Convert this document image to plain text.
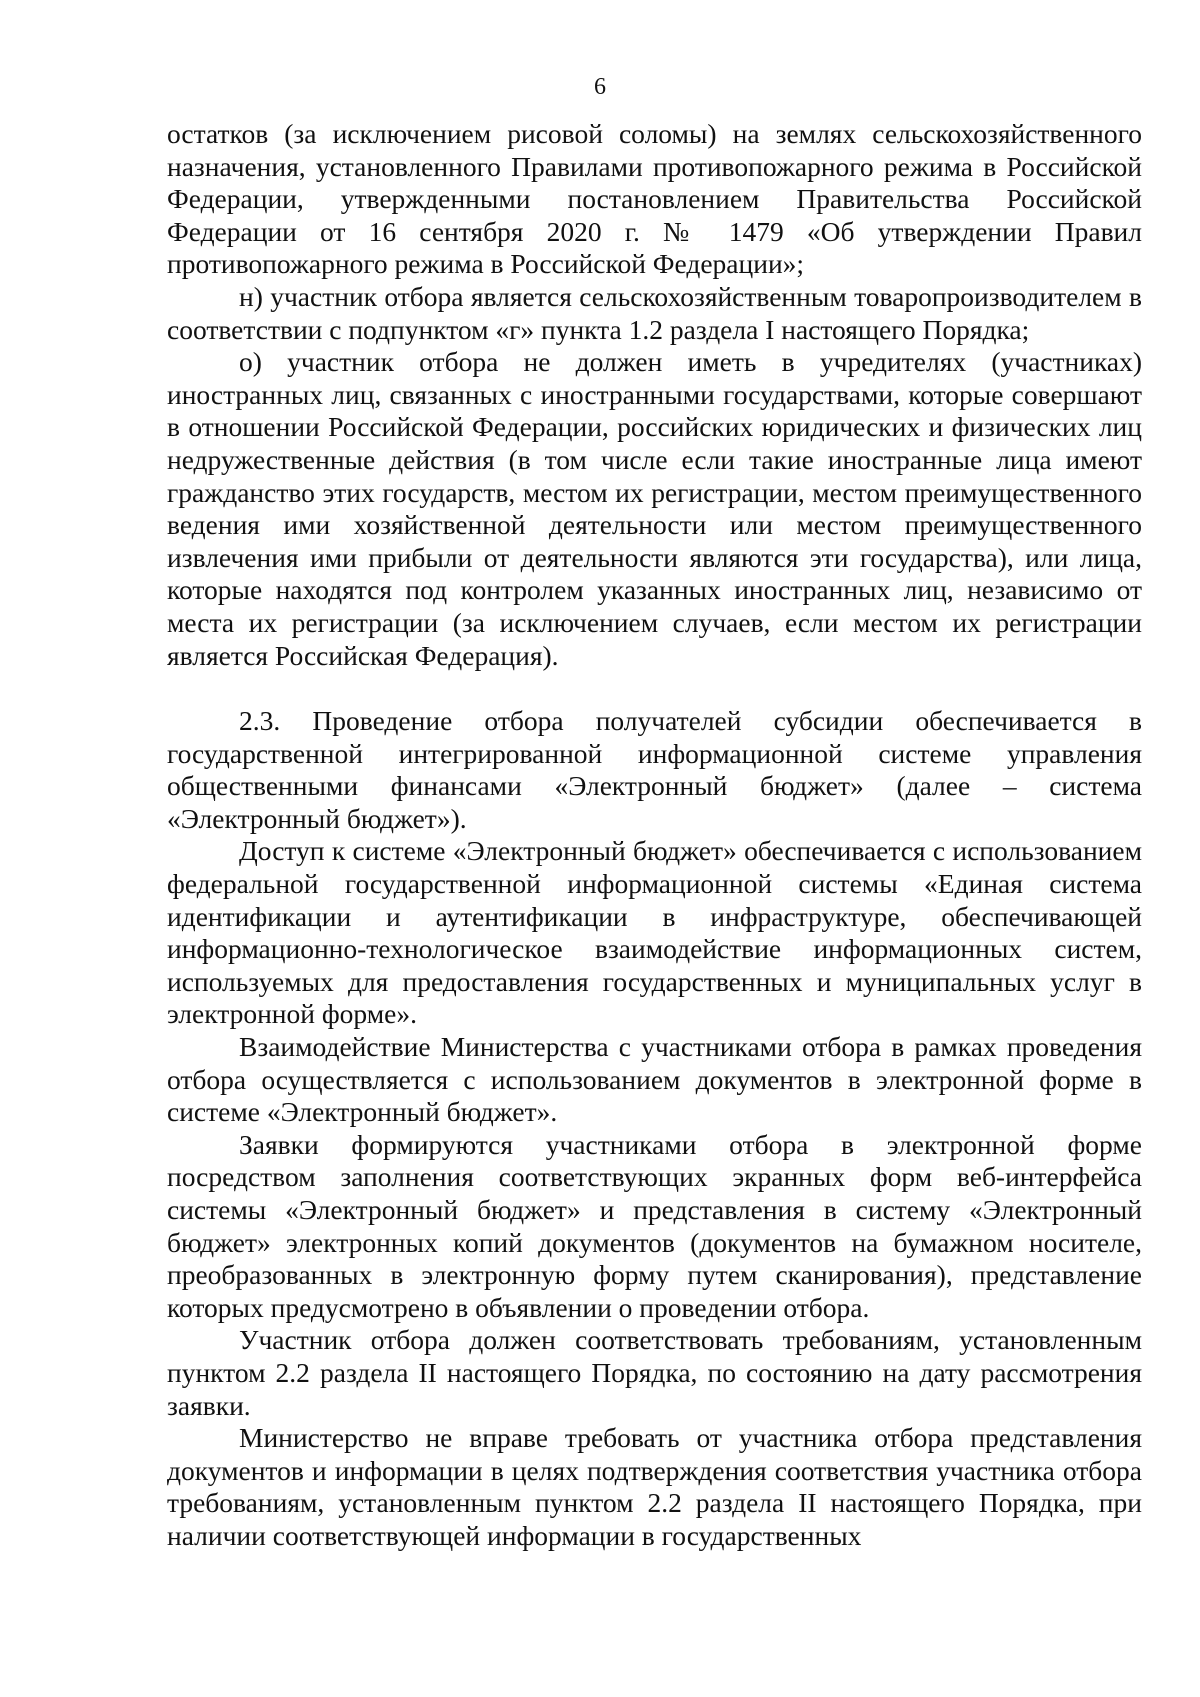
6

остатков (за исключением рисовой соломы) на землях сельскохозяйственного назначения, установленного Правилами противопожарного режима в Российской Федерации, утвержденными постановлением Правительства Российской Федерации от 16 сентября 2020 г. № 1479 «Об утверждении Правил противопожарного режима в Российской Федерации»;

н) участник отбора является сельскохозяйственным товаропроизводителем в соответствии с подпунктом «г» пункта 1.2 раздела I настоящего Порядка;

о) участник отбора не должен иметь в учредителях (участниках) иностранных лиц, связанных с иностранными государствами, которые совершают в отношении Российской Федерации, российских юридических и физических лиц недружественные действия (в том числе если такие иностранные лица имеют гражданство этих государств, местом их регистрации, местом преимущественного ведения ими хозяйственной деятельности или местом преимущественного извлечения ими прибыли от деятельности являются эти государства), или лица, которые находятся под контролем указанных иностранных лиц, независимо от места их регистрации (за исключением случаев, если местом их регистрации является Российская Федерация).

2.3. Проведение отбора получателей субсидии обеспечивается в государственной интегрированной информационной системе управления общественными финансами «Электронный бюджет» (далее – система «Электронный бюджет»).

Доступ к системе «Электронный бюджет» обеспечивается с использованием федеральной государственной информационной системы «Единая система идентификации и аутентификации в инфраструктуре, обеспечивающей информационно-технологическое взаимодействие информационных систем, используемых для предоставления государственных и муниципальных услуг в электронной форме».

Взаимодействие Министерства с участниками отбора в рамках проведения отбора осуществляется с использованием документов в электронной форме в системе «Электронный бюджет».

Заявки формируются участниками отбора в электронной форме посредством заполнения соответствующих экранных форм веб-интерфейса системы «Электронный бюджет» и представления в систему «Электронный бюджет» электронных копий документов (документов на бумажном носителе, преобразованных в электронную форму путем сканирования), представление которых предусмотрено в объявлении о проведении отбора.

Участник отбора должен соответствовать требованиям, установленным пунктом 2.2 раздела II настоящего Порядка, по состоянию на дату рассмотрения заявки.

Министерство не вправе требовать от участника отбора представления документов и информации в целях подтверждения соответствия участника отбора требованиям, установленным пунктом 2.2 раздела II настоящего Порядка, при наличии соответствующей информации в государственных
